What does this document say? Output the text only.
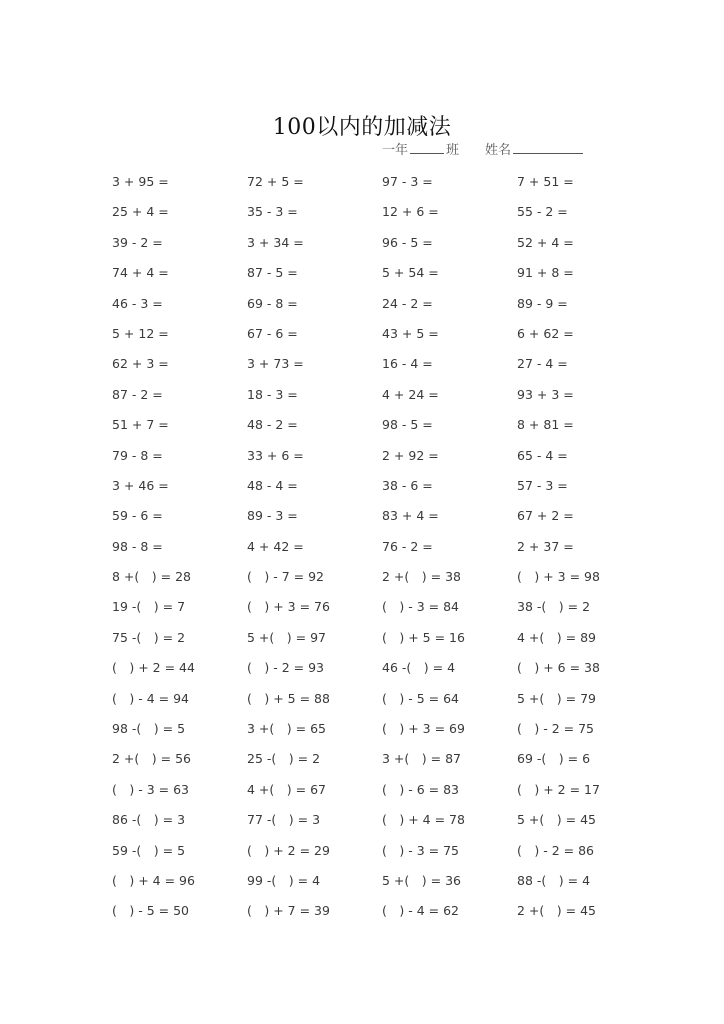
100以内的加减法
一年	班 姓名
3 + 95 =	72 + 5 =	97 - 3 =	7 + 51 =
25 + 4 =	35 - 3 =	12 + 6 =	55 - 2 =
39 - 2 =	3 + 34 =	96 - 5 =	52 + 4 =
74 + 4 =	87 - 5 =	5 + 54 =	91 + 8 =
46 - 3 =	69 - 8 =	24 - 2 =	89 - 9 =
5 + 12 =	67 - 6 =	43 + 5 =	6 + 62 =
62 + 3 =	3 + 73 =	16 - 4 =	27 - 4 =
87 - 2 =	18 - 3 =	4 + 24 =	93 + 3 =
51 + 7 =	48 - 2 =	98 - 5 =	8 + 81 =
79 - 8 =	33 + 6 =	2 + 92 =	65 - 4 =
3 + 46 =	48 - 4 =	38 - 6 =	57 - 3 =
59 - 6 =	89 - 3 =	83 + 4 =	67 + 2 =
98 - 8 =	4 + 42 =	76 - 2 =	2 + 37 =
8 +(　) = 28	(　) - 7 = 92	2 +(　) = 38	(　) + 3 = 98
19 -(　) = 7	(　) + 3 = 76	(　) - 3 = 84	38 -(　) = 2
75 -(　) = 2	5 +(　) = 97	(　) + 5 = 16	4 +(　) = 89
(　) + 2 = 44	(　) - 2 = 93	46 -(　) = 4	(　) + 6 = 38
(　) - 4 = 94	(　) + 5 = 88	(　) - 5 = 64	5 +(　) = 79
98 -(　) = 5	3 +(　) = 65	(　) + 3 = 69	(　) - 2 = 75
2 +(　) = 56	25 -(　) = 2	3 +(　) = 87	69 -(　) = 6
(　) - 3 = 63	4 +(　) = 67	(　) - 6 = 83	(　) + 2 = 17
86 -(　) = 3	77 -(　) = 3	(　) + 4 = 78	5 +(　) = 45
59 -(　) = 5	(　) + 2 = 29	(　) - 3 = 75	(　) - 2 = 86
(　) + 4 = 96	99 -(　) = 4	5 +(　) = 36	88 -(　) = 4
(　) - 5 = 50	(　) + 7 = 39	(　) - 4 = 62	2 +(　) = 45
